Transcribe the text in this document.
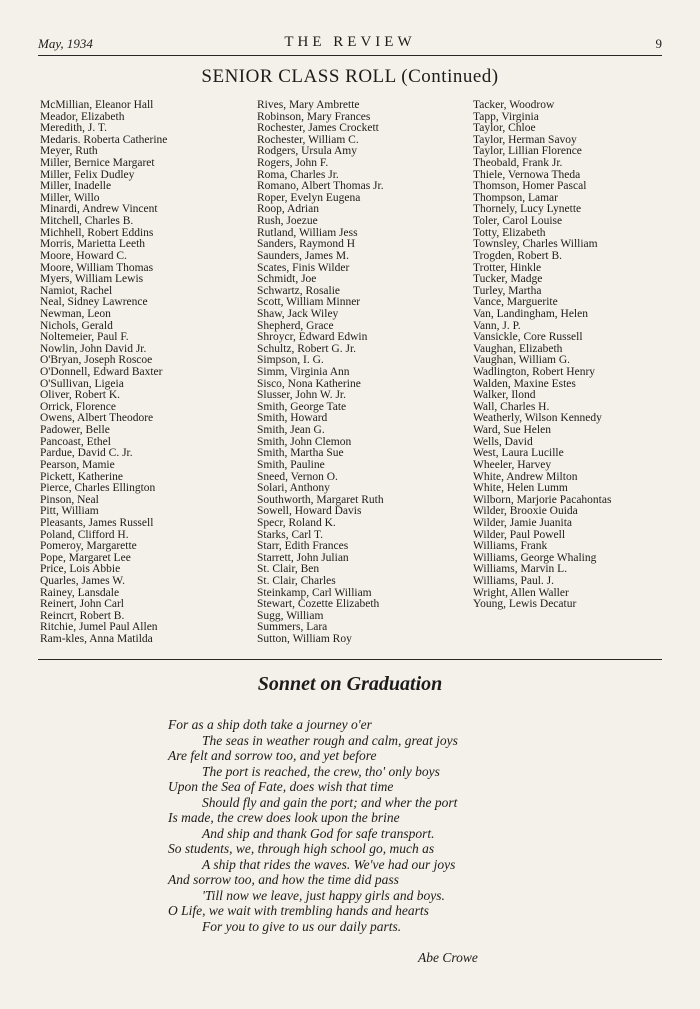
May, 1934	THE REVIEW	9
SENIOR CLASS ROLL (Continued)
McMillian, Eleanor Hall
Meador, Elizabeth
Meredith, J. T.
Medaris. Roberta Catherine
Meyer, Ruth
Miller, Bernice Margaret
Miller, Felix Dudley
Miller, Inadelle
Miller, Willo
Minardi, Andrew Vincent
Mitchell, Charles B.
Michhell, Robert Eddins
Morris, Marietta Leeth
Moore, Howard C.
Moore, William Thomas
Myers, William Lewis
Namiot, Rachel
Neal, Sidney Lawrence
Newman, Leon
Nichols, Gerald
Noltemeier, Paul F.
Nowlin, John David Jr.
O'Bryan, Joseph Roscoe
O'Donnell, Edward Baxter
O'Sullivan, Ligeia
Oliver, Robert K.
Orrick, Florence
Owens, Albert Theodore
Padower, Belle
Pancoast, Ethel
Pardue, David C. Jr.
Pearson, Mamie
Pickett, Katherine
Pierce, Charles Ellington
Pinson, Neal
Pitt, William
Pleasants, James Russell
Poland, Clifford H.
Pomeroy, Margarette
Pope, Margaret Lee
Price, Lois Abbie
Quarles, James W.
Rainey, Lansdale
Reinert, John Carl
Reincrt, Robert B.
Ritchie, Jumel Paul Allen
Ram-kles, Anna Matilda
Rives, Mary Ambrette
Robinson, Mary Frances
Rochester, James Crockett
Rochester, William C.
Rodgers, Ursula Amy
Rogers, John F.
Roma, Charles Jr.
Romano, Albert Thomas Jr.
Roper, Evelyn Eugena
Roop, Adrian
Rush, Joezue
Rutland, William Jess
Sanders, Raymond H
Saunders, James M.
Scates, Finis Wilder
Schmidt, Joe
Schwartz, Rosalie
Scott, William Minner
Shaw, Jack Wiley
Shepherd, Grace
Shroycr, Edward Edwin
Schultz, Robert G. Jr.
Simpson, I. G.
Simm, Virginia Ann
Sisco, Nona Katherine
Slusser, John W. Jr.
Smith, George Tate
Smith, Howard
Smith, Jean G.
Smith, John Clemon
Smith, Martha Sue
Smith, Pauline
Sneed, Vernon O.
Solari, Anthony
Southworth, Margaret Ruth
Sowell, Howard Davis
Specr, Roland K.
Starks, Carl T.
Starr, Edith Frances
Starrett, John Julian
St. Clair, Ben
St. Clair, Charles
Steinkamp, Carl William
Stewart, Cozette Elizabeth
Sugg, William
Summers, Lara
Sutton, William Roy
Tacker, Woodrow
Tapp, Virginia
Taylor, Chloe
Taylor, Herman Savoy
Taylor, Lillian Florence
Theobald, Frank Jr.
Thiele, Vernowa Theda
Thomson, Homer Pascal
Thompson, Lamar
Thornely, Lucy Lynette
Toler, Carol Louise
Totty, Elizabeth
Townsley, Charles William
Trogden, Robert B.
Trotter, Hinkle
Tucker, Madge
Turley, Martha
Vance, Marguerite
Van, Landingham, Helen
Vann, J. P.
Vansickle, Core Russell
Vaughan, Elizabeth
Vaughan, William G.
Wadlington, Robert Henry
Walden, Maxine Estes
Walker, Ilond
Wall, Charles H.
Weatherly, Wilson Kennedy
Ward, Sue Helen
Wells, David
West, Laura Lucille
Wheeler, Harvey
White, Andrew Milton
White, Helen Lumm
Wilborn, Marjorie Pacahontas
Wilder, Brooxie Ouida
Wilder, Jamie Juanita
Wilder, Paul Powell
Williams, Frank
Williams, George Whaling
Williams, Marvin L.
Williams, Paul. J.
Wright, Allen Waller
Young, Lewis Decatur
Sonnet on Graduation
For as a ship doth take a journey o'er
The seas in weather rough and calm, great joys
Are felt and sorrow too, and yet before
The port is reached, the crew, tho' only boys
Upon the Sea of Fate, does wish that time
Should fly and gain the port; and wher the port
Is made, the crew does look upon the brine
And ship and thank God for safe transport.
So students, we, through high school go, much as
A ship that rides the waves. We've had our joys
And sorrow too, and how the time did pass
'Till now we leave, just happy girls and boys.
O Life, we wait with trembling hands and hearts
For you to give to us our daily parts.
Abe Crowe
